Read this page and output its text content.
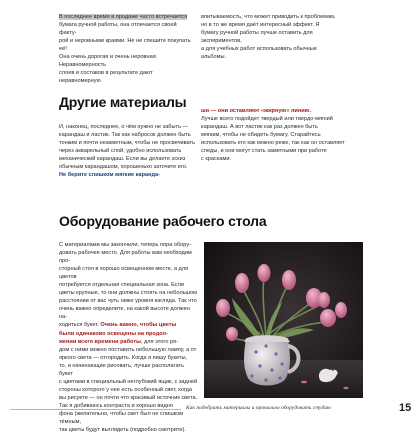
В последнее время в продаже часто встречается

бумага ручной работы, она отличается своей факту-

рой и неровными краями. Не не спешите покупать её!

Она очень дорогая и очень неровная. Неравномерность

слоев и составов в результате дают неравномерную

впитываемость, что может приводить к проблемам,

но в то же время даёт интересный эффект. Я

бумагу ручной работы лучше оставить для экспериментов,

а для учебных работ использовать обычные

альбомы.

Другие материалы

И, наконец, последнее, о чём нужно не забыть —

карандаш и ластик. Так как набросок должен быть

тонким и почти незаметным, чтобы не просвечивать

через акварельный слой, удобно использовать

механический карандаш. Если вы делаете эскиз

обычным карандашом, хорошенько заточите его.

Не берите слишком мягкие каранда-

ши — они оставляют «жирную» линию.

Лучше всего подойдет твердый или твердо-мягкий

карандаш. А вот ластик как раз должен быть

мягким, чтобы не обидеть бумагу. Старайтесь

использовать его как можно реже, так как он оставляет

следы, и они могут стать заметными при работе

с красками.

Оборудование рабочего стола

С материалами мы закончили, теперь пора обору-

довать рабочее место. Для работы вам необходим про-

сторный стол в хорошо освещенном месте, а для цветов

потребуется отдельная специальная зона. Если

цветы крупные, то они должны стоять на небольшом

расстоянии от вас чуть ниже уровня взгляда. Так что

очень важно определите, на какой высоте должен на-

ходиться букет. Очень важно, чтобы цветы

были одинаково освещены на продол-

жении всего времени работы, для этого ря-

дом с ними можно поставить небольшую лампу, а от

яркого света — отгородить. Когда я пишу букеты,

то, и начинающие рисовать, лучше располагать букет

с цветами в специальный неглубокий ящик, с задней

стороны которого у нее есть особенный свет, когда

вы рисуете — он почти что красивый источник света.

Так я добиваюсь контраста и хорошо видно

фона (желательно, чтобы свет был не слишком тёмным,

так цветы будут выглядеть (подробно смотрите).

Как подобрать материалы и правильно оборудовать студию	15
